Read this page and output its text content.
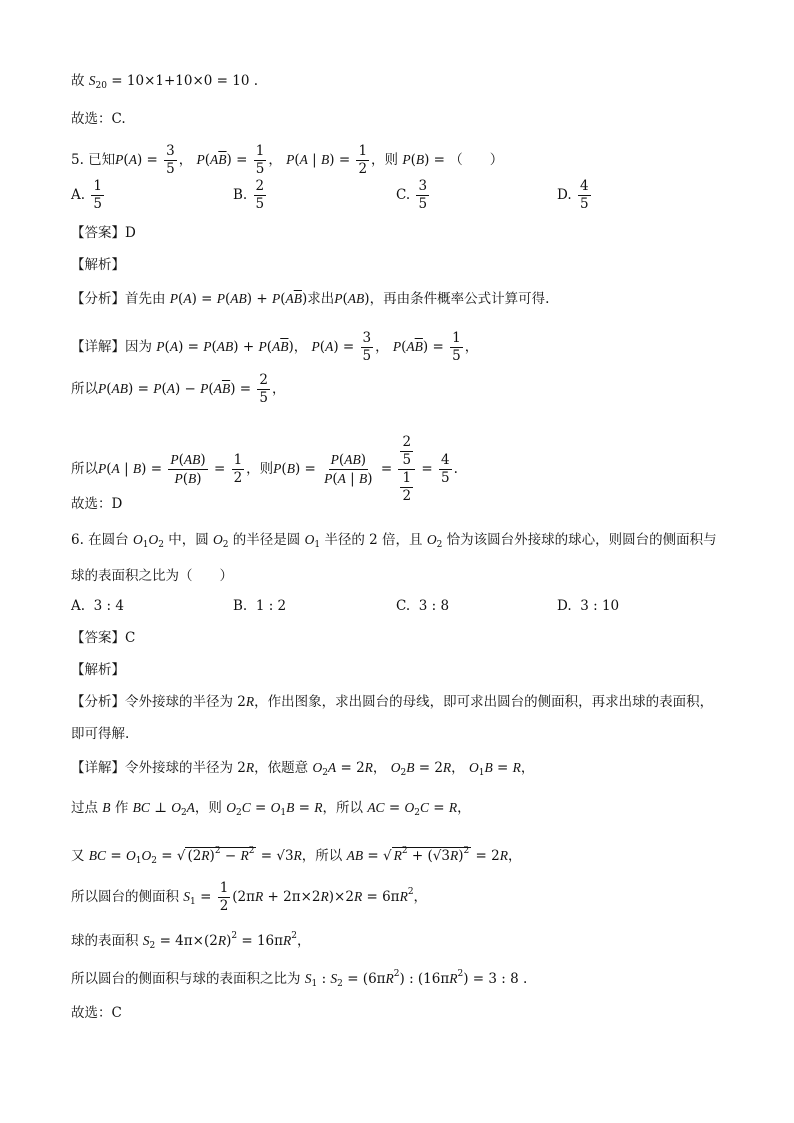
故 $S_{20} = 10\times 1+10\times 0 = 10$ .
故选：C.
5. 已知$P(A) = \frac{3}{5}$ ， $P(A\overline{B}) = \frac{1}{5}$ ， P(A | $B) = \frac{1}{2}$ ，则 P(B) = （　　）
A. $\frac{1}{5}$	B. $\frac{2}{5}$	C. $\frac{3}{5}$	D. $\frac{4}{5}$
【答案】D
【解析】
【分析】首先由 $P(A) = P(AB) + P(A\overline{B})$求出P(AB)，再由条件概率公式计算可得.
【详解】因为 $P(A) = P(AB) + P(A\overline{B})$， $P(A) = \frac{3}{5}$ ， $P(A\overline{B}) = \frac{1}{5}$ ，
所以$P(AB) = P(A) - P(A\overline{B}) = \frac{2}{5}$ ，
所以P(A | $B) = \frac{P(AB)}{P(B)} = \frac{1}{2}$ ，则$P(B) = \frac{P(AB)}{P(A | B)} = \frac{\frac{2}{5}}{\frac{1}{2}} = \frac{4}{5}$ .
故选：D
6. 在圆台 $O_1O_2$ 中，圆 $O_2$ 的半径是圆 $O_1$ 半径的 2 倍，且 $O_2$ 恰为该圆台外接球的球心，则圆台的侧面积与
球的表面积之比为（　　）
A. 3 : 4	B. 1 : 2	C. 3 : 8	D. 3 : 10
【答案】C
【解析】
【分析】令外接球的半径为 2R，作出图象，求出圆台的母线，即可求出圆台的侧面积，再求出球的表面积，
即可得解.
【详解】令外接球的半径为 2R，依题意 $O_2A = 2R$， $O_2B = 2R$， $O_1B = R$，
过点 B 作 BC ⊥ $O_2A$，则 $O_2C = O_1B = R$，所以 AC = $O_2C = R$，
又 BC = $O_1O_2$ = √ $(2R)^2 - R^2 = √3R$，所以 AB = √ $R^2 + (√3R)^2 = 2R$，
所以圆台的侧面积 $S_1 = \frac{1}{2} (2\pi R + 2\pi\times 2R)\times 2R = 6\pi R^2$，
球的表面积 $S_2 = 4\pi\times(2R)^2 = 16\pi R^2$，
所以圆台的侧面积与球的表面积之比为 $S_1$ : $S_2 = (6\pi R^2)$ : $(16\pi R^2) = 3$ : 8 .
故选：C
